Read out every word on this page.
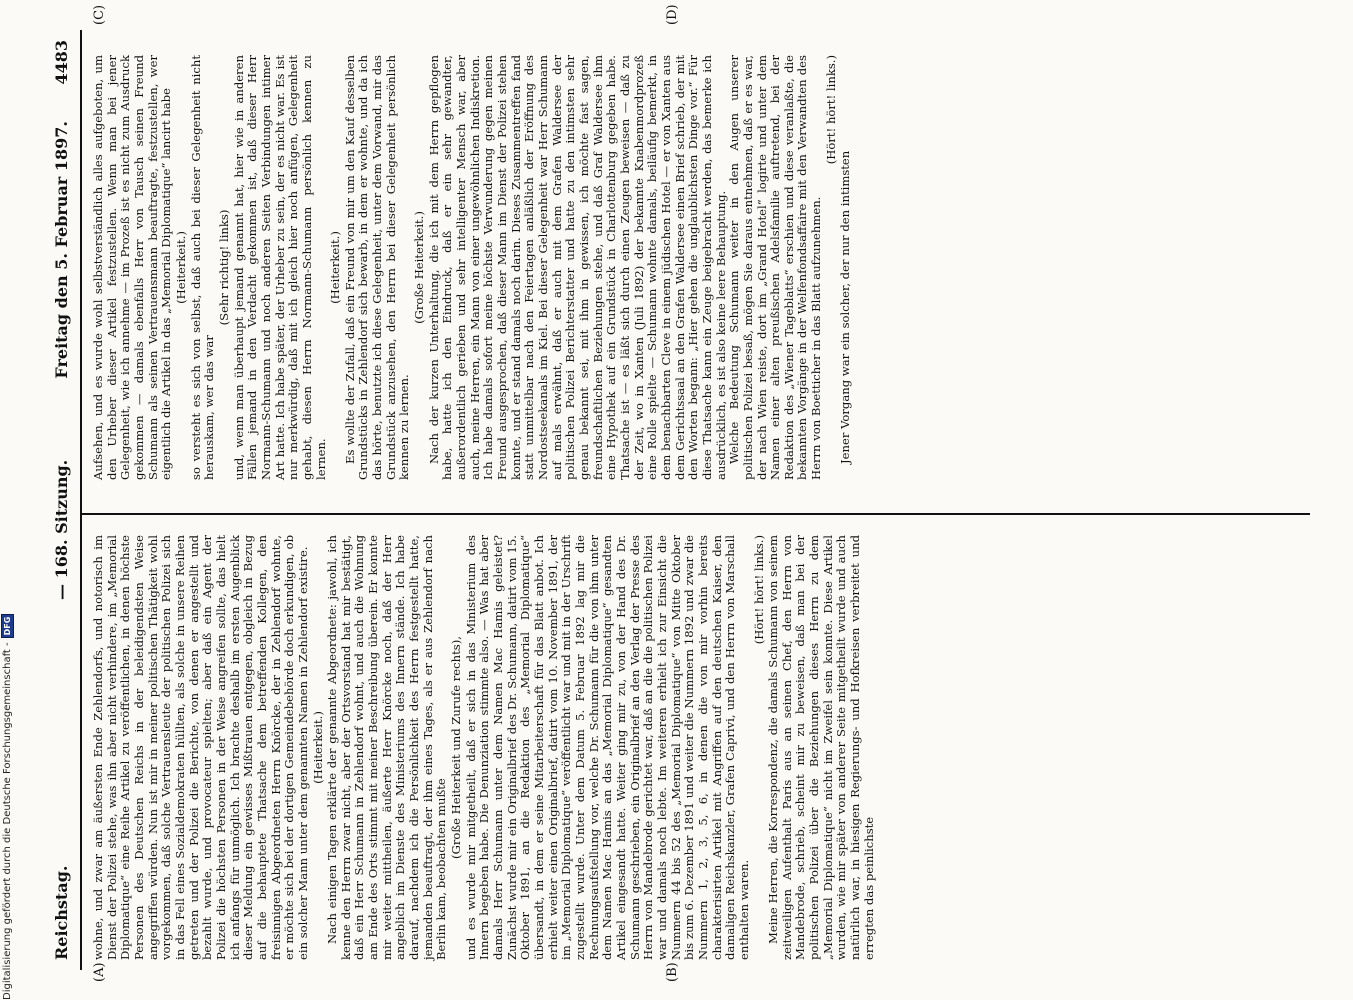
Reichstag.
— 168. Sitzung.  Freitag den 5. Februar 1897.
4483
(A)	(B)
(C)	(D)

wohne, und zwar am äußersten Ende Zehlendorfs, und notorisch im Dienst der Polizei stehe, was ihn aber nicht verhindere, im „Memorial Diplomatique“ eine Reihe Artikel zu veröffentlichen, in denen höchste Personen des Deutschen Reichs in der beleidigendsten Weise angegriffen würden. Nun ist mir in meiner politischen Thätigkeit wohl vorgekommen, daß solche Vertrauensleute der politischen Polizei sich in das Fell eines Sozialdemokraten hüllten, als solche in unsere Reihen getreten und der Polizei die Berichte, von denen er angestellt und bezahlt wurde, und provocateur spielten; aber daß ein Agent der Polizei die höchsten Personen in der Weise angreifen sollte, das hielt ich anfangs für unmöglich. Ich brachte deshalb im ersten Augenblick dieser Meldung ein gewisses Mißtrauen entgegen, obgleich in Bezug auf die behauptete Thatsache dem betreffenden Kollegen, den freisinnigen Abgeordneten Herrn Knörcke, der in Zehlendorf wohnte, er möchte sich bei der dortigen Gemeindebehörde doch erkundigen, ob ein solcher Mann unter dem genannten Namen in Zehlendorf existire. (Heiterkeit.) Nach einigen Tagen erklärte der genannte Abgeordnete: jawohl, ich kenne den Herrn zwar nicht, aber der Ortsvorstand hat mir bestätigt, daß ein Herr Schumann in Zehlendorf wohnt, und auch die Wohnung am Ende des Orts stimmt mit meiner Beschreibung überein. Er konnte mir weiter mittheilen, äußerte Herr Knörcke noch, daß der Herr angeblich im Dienste des Ministeriums des Innern stände. Ich habe darauf, nachdem ich die Persönlichkeit des Herrn festgestellt hatte, jemanden beauftragt, der ihm eines Tages, als er aus Zehlendorf nach Berlin kam, beobachten mußte

(Große Heiterkeit und Zurufe rechts), und es wurde mir mitgetheilt, daß er sich in das Ministerium des Innern begeben habe. Die Denunziation stimmte also. — Was hat aber damals Herr Schumann unter dem Namen Mac Hamis geleistet? Zunächst wurde mir ein Originalbrief des Dr. Schumann, datirt vom 15. Oktober 1891, an die Redaktion des „Memorial Diplomatique“ übersandt, in dem er seine Mitarbeiterschaft für das Blatt anbot. Ich erhielt weiter einen Originalbrief, datirt vom 10. November 1891, der im „Memorial Diplomatique“ veröffentlicht war und mit in der Urschrift zugestellt wurde. Unter dem Datum 5. Februar 1892 lag mir die Rechnungsaufstellung vor, welche Dr. Schumann für die von ihm unter dem Namen Mac Hamis an das „Memorial Diplomatique“ gesandten Artikel eingesandt hatte. Weiter ging mir zu, von der Hand des Dr. Schumann geschrieben, ein Originalbrief an den Verlag der Presse des Herrn von Mandebrode gerichtet war, daß an die die politischen Polizei war und damals noch lebte. Im weiteren erhielt ich zur Einsicht die Nummern 44 bis 52 des „Memorial Diplomatique“ von Mitte Oktober bis zum 6. Dezember 1891 und weiter die Nummern 1892 und zwar die Nummern 1, 2, 3, 5, 6, in denen die von mir vorhin bereits charakterisirten Artikel mit Angriffen auf den deutschen Kaiser, den damaligen Reichskanzler, Grafen Caprivi, und den Herrn von Marschall enthalten waren.

(Hört! hört! links.) Meine Herren, die Korrespondenz, die damals Schumann von seinem zeitweiligen Aufenthalt Paris aus an seinen Chef, den Herrn von Mandebrode, schrieb, scheint mir zu beweisen, daß man bei der politischen Polizei über die Beziehungen dieses Herrn zu dem „Memorial Diplomatique“ nicht im Zweifel sein konnte. Diese Artikel wurden, wie mir später von anderer Seite mitgetheilt wurde und auch natürlich war, in hiesigen Regierungs- und Hofkreisen verbreitet und erregten das peinlichste

Aufsehen, und es wurde wohl selbstverständlich alles aufgeboten, um den Urheber dieser Artikel festzustellen. Wenn man bei jener Gelegenheit, wie ich annehme — im Prozeß ist es nicht zum Ausdruck gekommen — damals ebenfalls Herr von Tausch seinen Freund Schumann als seinen Vertrauensmann beauftragte, festzustellen, wer eigentlich die Artikel in das „Memorial Diplomatique“ lancirt habe (Heiterkeit.) so versteht es sich von selbst, daß auch bei dieser Gelegenheit nicht herauskam, wer das war

(Sehr richtig! links) und, wenn man überhaupt jemand genannt hat, hier wie in anderen Fällen jemand in den Verdacht gekommen ist, daß dieser Herr Normann-Schumann und noch anderen Seiten Verbindungen intimer Art hatte. Ich habe später, der Urheber zu sein, der es nicht war. Es ist nur merkwürdig, daß mit ich gleich hier noch anfügen, Gelegenheit gehabt, diesen Herrn Normann-Schumann persönlich kennen zu lernen.

(Heiterkeit.) Es wollte der Zufall, daß ein Freund von mir um den Kauf desselben Grundstücks in Zehlendorf sich bewarb, in dem er wohnte, und da ich das hörte, benutzte ich diese Gelegenheit, unter dem Vorwand, mir das Grundstück anzusehen, den Herrn bei dieser Gelegenheit persönlich kennen zu lernen.

(Große Heiterkeit.) Nach der kurzen Unterhaltung, die ich mit dem Herrn gepflogen habe, hatte ich den Eindruck, daß er ein sehr gewandter, außerordentlich gerieben und sehr intelligenter Mensch war, aber auch, meine Herren, ein Mann von einer ungewöhnlichen Indiskretion. Ich habe damals sofort meine höchste Verwunderung gegen meinen Freund ausgesprochen, daß dieser Mann im Dienst der Polizei stehen konnte, und er stand damals noch darin. Dieses Zusammentreffen fand statt unmittelbar nach den Feiertagen anläßlich der Eröffnung des Nordostseekanals im Kiel. Bei dieser Gelegenheit war Herr Schumann auf mals erwähnt, daß er auch mit dem Grafen Waldersee der politischen Polizei Berichterstatter und hatte zu den intimsten sehr genau bekannt sei, mit ihm in gewissen, ich möchte fast sagen, freundschaftlichen Beziehungen stehe, und daß Graf Waldersee ihm eine Hypothek auf ein Grundstück in Charlottenburg gegeben habe. Thatsache ist — es läßt sich durch einen Zeugen beweisen — daß zu der Zeit, wo in Xanten (Juli 1892) der bekannte Knabenmordprozeß eine Rolle spielte — Schumann wohnte damals, beiläufig bemerkt, in dem benachbarten Cleve in einem jüdischen Hotel — er von Xanten aus dem Gerichtssaal an den Grafen Waldersee einen Brief schrieb, der mit den Worten begann: „Hier gehen die unglaublichsten Dinge vor.“ Für diese Thatsache kann ein Zeuge beigebracht werden, das bemerke ich ausdrücklich, es ist also keine leere Behauptung. Welche Bedeutung Schumann weiter in den Augen unserer politischen Polizei besaß, mögen Sie daraus entnehmen, daß er es war, der nach Wien reiste, dort im „Grand Hotel“ logirte und unter dem Namen einer alten preußischen Adelsfamilie auftretend, bei der Redaktion des „Wiener Tageblatts“ erschien und diese veranlaßte, die bekannten Vorgänge in der Welfenfondsaffaire mit den Verwandten des Herrn von Boetticher in das Blatt aufzunehmen.

(Hört! hört! links.)

Jener Vorgang war ein solcher, der nur den intimsten

Digitalisierung gefördert durch die Deutsche Forschungsgemeinschaft -
DFG
